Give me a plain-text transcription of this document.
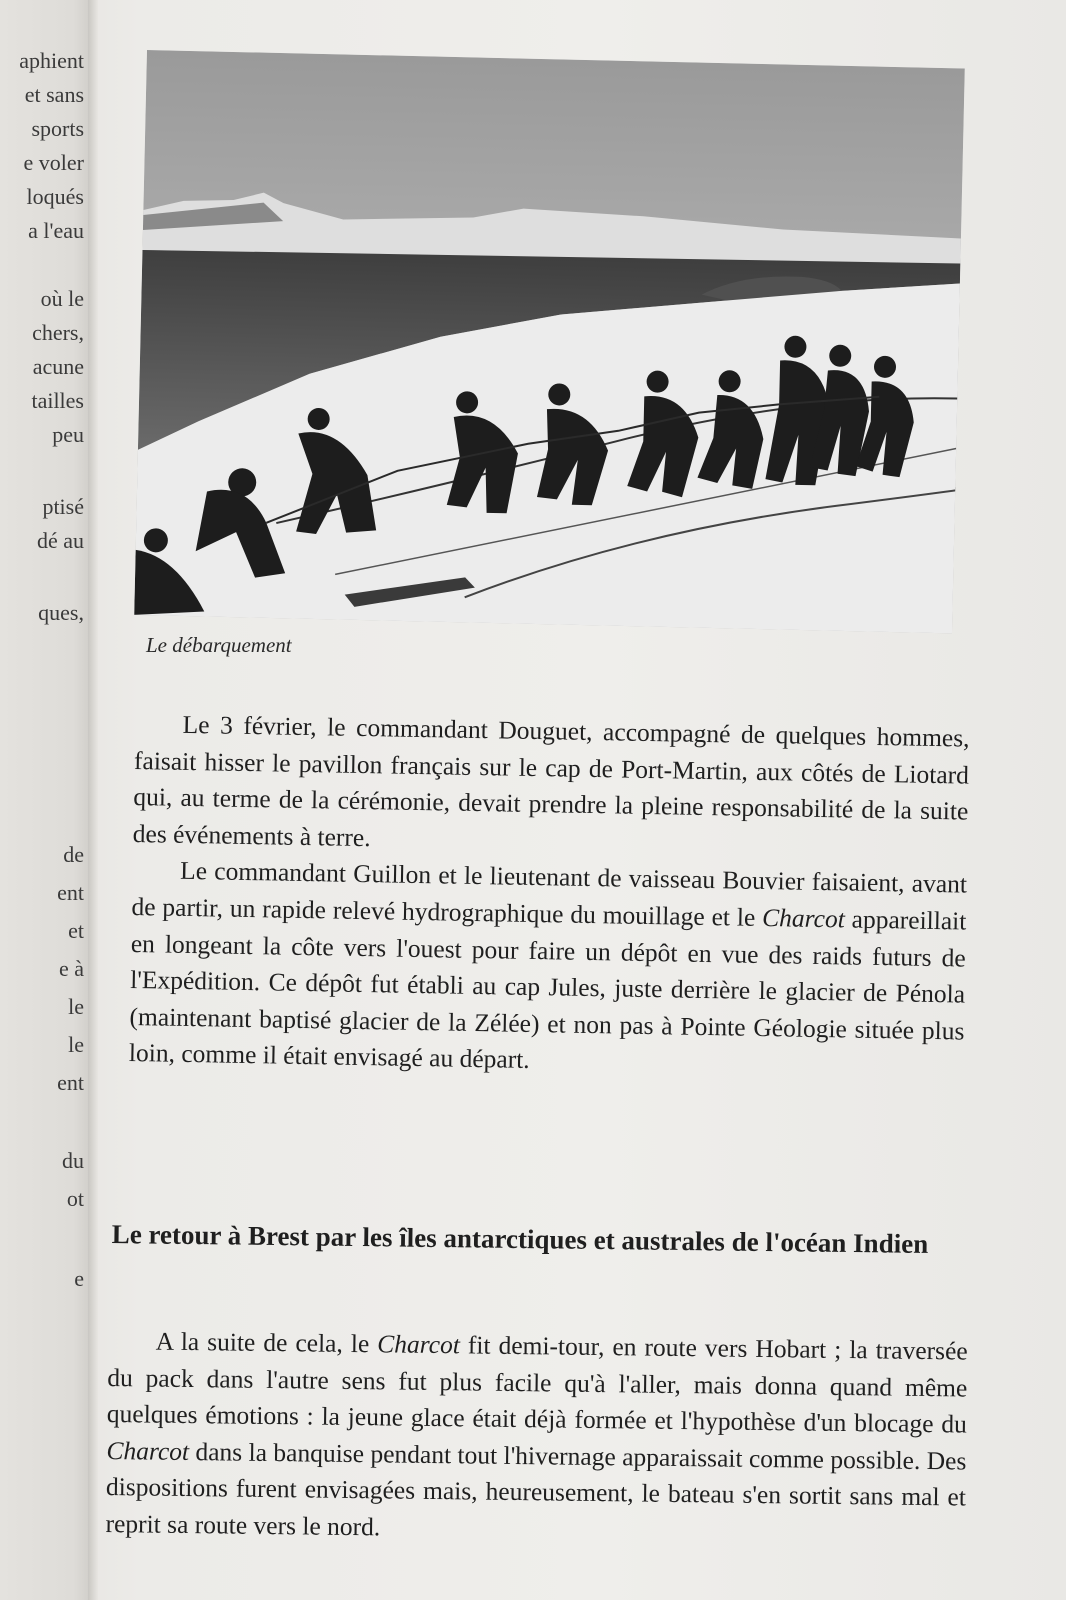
aphient
et sans
sports
e voler
loqués
a l'eau
où le
chers,
acune
tailles
peu
ptisé
dé au
ques,
de
ent
et
e à
le
le
ent
du
ot
e
Le débarquement

Le 3 février, le commandant Douguet, accompagné de quelques hommes, faisait hisser le pavillon français sur le cap de Port-Martin, aux côtés de Liotard qui, au terme de la cérémonie, devait prendre la pleine responsabilité de la suite des événements à terre.

Le commandant Guillon et le lieutenant de vaisseau Bouvier faisaient, avant de partir, un rapide relevé hydrographique du mouillage et le Charcot appareillait en longeant la côte vers l'ouest pour faire un dépôt en vue des raids futurs de l'Expédition. Ce dépôt fut établi au cap Jules, juste derrière le glacier de Pénola (maintenant baptisé glacier de la Zélée) et non pas à Pointe Géologie située plus loin, comme il était envisagé au départ.

Le retour à Brest par les îles antarctiques et australes de l'océan Indien

A la suite de cela, le Charcot fit demi-tour, en route vers Hobart ; la traversée du pack dans l'autre sens fut plus facile qu'à l'aller, mais donna quand même quelques émotions : la jeune glace était déjà formée et l'hypothèse d'un blocage du Charcot dans la banquise pendant tout l'hivernage apparaissait comme possible. Des dispositions furent envisagées mais, heureusement, le bateau s'en sortit sans mal et reprit sa route vers le nord.
